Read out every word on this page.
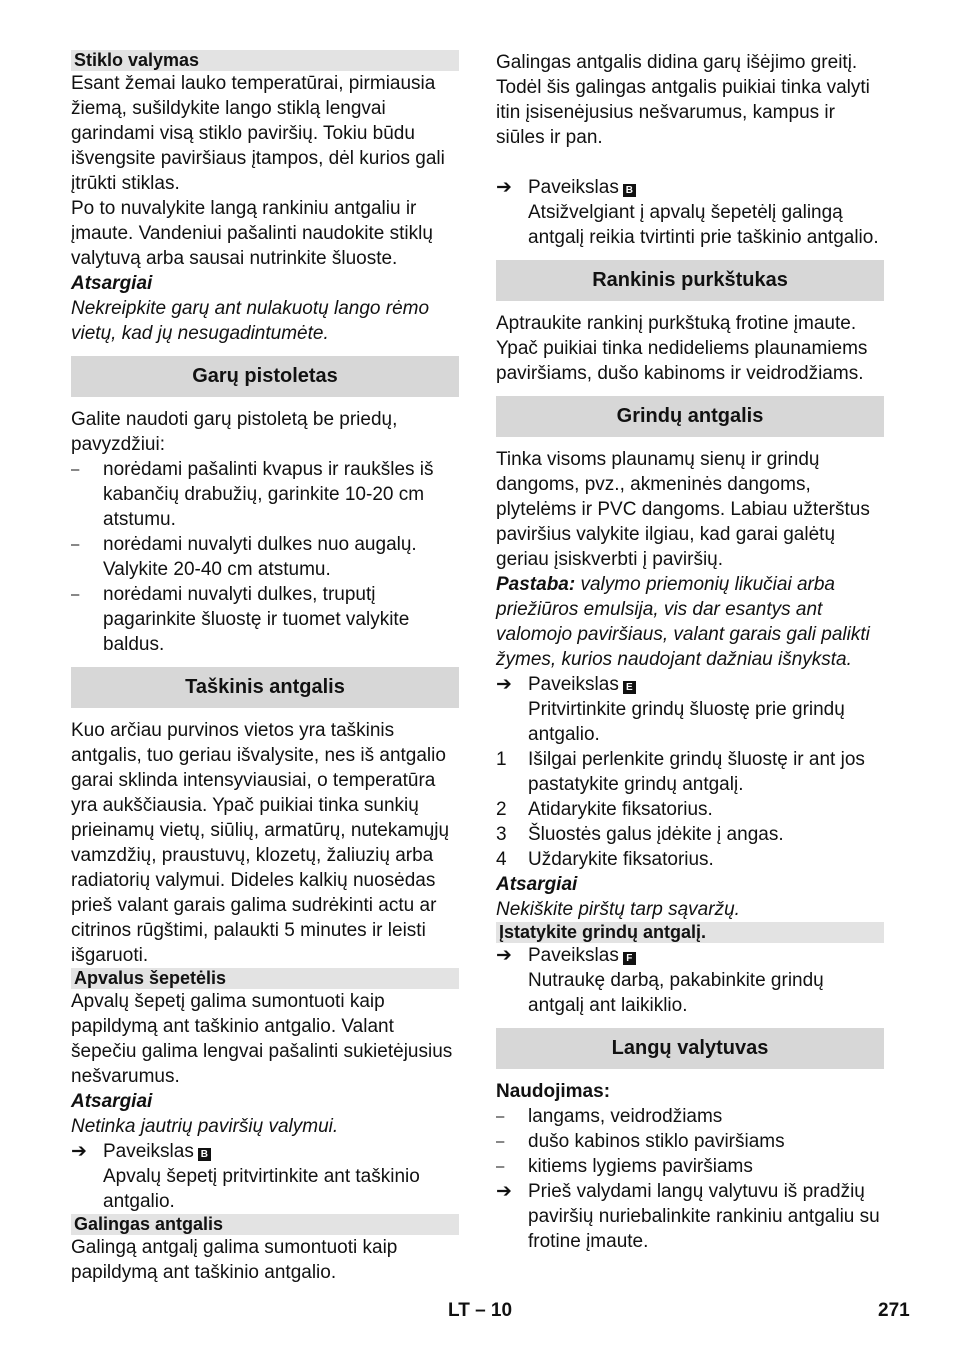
Stiklo valymas

Esant žemai lauko temperatūrai, pirmiausia žiemą, sušildykite lango stiklą lengvai garindami visą stiklo paviršių. Tokiu būdu išvengsite paviršiaus įtampos, dėl kurios gali įtrūkti stiklas.

Po to nuvalykite langą rankiniu antgaliu ir įmaute. Vandeniui pašalinti naudokite stiklų valytuvą arba sausai nutrinkite šluoste.

Atsargiai

Nekreipkite garų ant nulakuotų lango rėmo vietų, kad jų nesugadintumėte.

Garų pistoletas

Galite naudoti garų pistoletą be priedų, pavyzdžiui:

–	norėdami pašalinti kvapus ir raukšles iš kabančių drabužių, garinkite 10-20 cm atstumu.
–	norėdami nuvalyti dulkes nuo augalų. Valykite 20-40 cm atstumu.
–	norėdami nuvalyti dulkes, truputį pagarinkite šluostę ir tuomet valykite baldus.
Taškinis antgalis

Kuo arčiau purvinos vietos yra taškinis antgalis, tuo geriau išvalysite, nes iš antgalio garai sklinda intensyviausiai, o temperatūra yra aukščiausia. Ypač puikiai tinka sunkių prieinamų vietų, siūlių, armatūrų, nutekamųjų vamzdžių, praustuvų, klozetų, žaliuzių arba radiatorių valymui. Dideles kalkių nuosėdas prieš valant garais galima sudrėkinti actu ar citrinos rūgštimi, palaukti 5 minutes ir leisti išgaruoti.

Apvalus šepetėlis

Apvalų šepetį galima sumontuoti kaip papildymą ant taškinio antgalio. Valant šepečiu galima lengvai pašalinti sukietėjusius nešvarumus.

Atsargiai

Netinka jautrių paviršių valymui.

➔ Paveikslas B
Apvalų šepetį pritvirtinkite ant taškinio antgalio.
Galingas antgalis

Galingą antgalį galima sumontuoti kaip papildymą ant taškinio antgalio.

Galingas antgalis didina garų išėjimo greitį. Todėl šis galingas antgalis puikiai tinka valyti itin įsisenėjusius nešvarumus, kampus ir siūles ir pan.

➔ Paveikslas B
Atsižvelgiant į apvalų šepetėlį galingą antgalį reikia tvirtinti prie taškinio antgalio.
Rankinis purkštukas

Aptraukite rankinį purkštuką frotine įmaute. Ypač puikiai tinka nedideliems plaunamiems paviršiams, dušo kabinoms ir veidrodžiams.

Grindų antgalis

Tinka visoms plaunamų sienų ir grindų dangoms, pvz., akmeninės dangoms, plytelėms ir PVC dangoms. Labiau užterštus paviršius valykite ilgiau, kad garai galėtų geriau įsiskverbti į paviršių.

Pastaba: valymo priemonių likučiai arba priežiūros emulsija, vis dar esantys ant valomojo paviršiaus, valant garais gali palikti žymes, kurios naudojant dažniau išnyksta.

➔ Paveikslas E
Pritvirtinkite grindų šluostę prie grindų antgalio.
1	Išilgai perlenkite grindų šluostę ir ant jos pastatykite grindų antgalį.
2	Atidarykite fiksatorius.
3	Šluostės galus įdėkite į angas.
4	Uždarykite fiksatorius.

Atsargiai

Nekiškite pirštų tarp sąvaržų.

Įstatykite grindų antgalį.
➔ Paveikslas F
Nutraukę darbą, pakabinkite grindų antgalį ant laikiklio.
Langų valytuvas

Naudojimas:

–	langams, veidrodžiams
–	dušo kabinos stiklo paviršiams
–	kitiems lygiems paviršiams
➔ Prieš valydami langų valytuvu iš pradžių paviršių nuriebalinkite rankiniu antgaliu su frotine įmaute.
LT – 10	271
